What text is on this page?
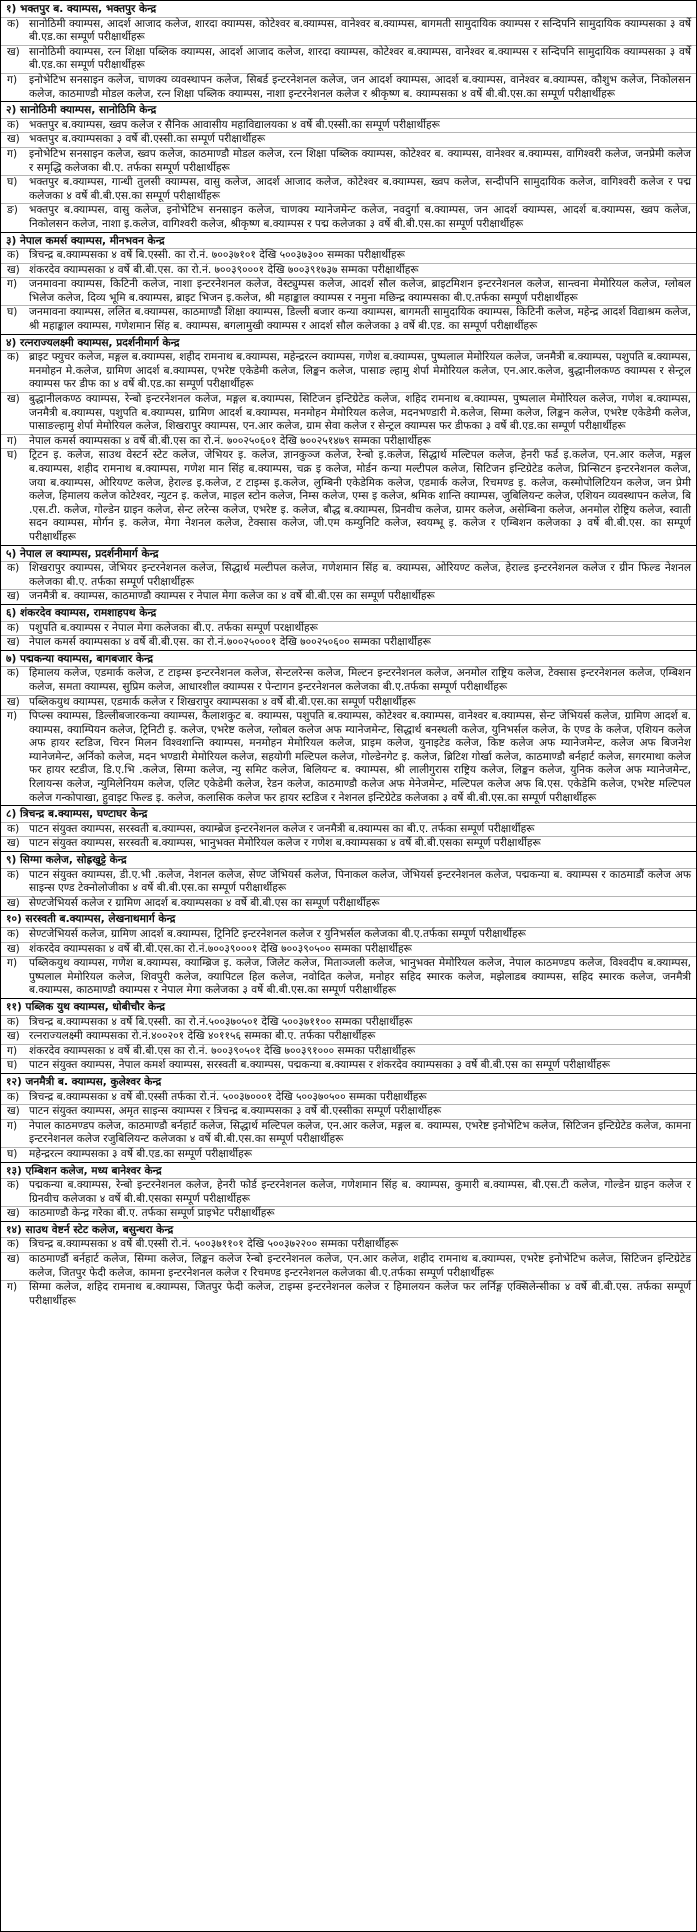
१) भक्तपुर ब. क्याम्पस, भक्तपुर केन्द्र
क) सानोठिमी क्याम्पस, आदर्श आजाद कलेज, शारदा क्याम्पस, कोटेश्वर ब.क्याम्पस, वानेश्वर ब.क्याम्पस, बागमती सामुदायिक क्याम्पस र सन्दिपनि सामुदायिक क्याम्पसका ३ वर्षे बी.एड.का सम्पूर्ण परीक्षार्थीहरू
ख) सानोठिमी क्याम्पस, रत्न शिक्षा पब्लिक क्याम्पस, आदर्श आजाद कलेज, शारदा क्याम्पस, कोटेश्वर ब.क्याम्पस, वानेश्वर ब.क्याम्पस र सन्दिपनि सामुदायिक क्याम्पसका ३ वर्षे बी.एड.का सम्पूर्ण परीक्षार्थीहरू
ग)	इनोभेटिभ सनसाइन कलेज, चाणक्य व्यवस्थापन कलेज, सिबर्ड इन्टरनेशनल कलेज, जन आदर्श क्याम्पस, आदर्श ब.क्याम्पस, वानेश्वर ब.क्याम्पस, कौशुभ कलेज, निकोलसन कलेज, काठमाण्डौ मोडल कलेज, रत्न शिक्षा पब्लिक क्याम्पस, नाशा इन्टरनेशनल कलेज र श्रीकृष्ण ब. क्याम्पसका ४ वर्षे बी.बी.एस.का सम्पूर्ण परीक्षार्थीहरू
२) सानोठिमी क्याम्पस, सानोठिमि केन्द्र
क) भक्तपुर ब.क्याम्पस, ख्वप कलेज र सैनिक आवासीय महाविद्यालयका ४ वर्षे बी.एस्सी.का सम्पूर्ण परीक्षार्थीहरू
ख) भक्तपुर ब.क्याम्पसका ३ वर्षे बी.एस्सी.का सम्पूर्ण परीक्षार्थीहरू
ग)	इनोभेटिभ सनसाइन कलेज, ख्वप कलेज, काठमाण्डौ मोडल कलेज, रत्न शिक्षा पब्लिक क्याम्पस, कोटेश्वर ब. क्याम्पस, वानेश्वर ब.क्याम्पस, वागिश्वरी कलेज, जनप्रेमी कलेज र समृद्धि कलेजका बी.ए. तर्फका सम्पूर्ण परीक्षार्थीहरू
घ)	भक्तपुर ब.क्याम्पस, गान्धी तुलसी क्याम्पस, वासु कलेज, आदर्श आजाद कलेज, कोटेश्वर ब.क्याम्पस, ख्वप कलेज, सन्दीपनि सामुदायिक कलेज, वागिश्वरी कलेज र पद्म कलेजका ४ वर्षे बी.बी.एस.का सम्पूर्ण परीक्षार्थीहरू
ङ)	भक्तपुर ब.क्याम्पस, वासु कलेज, इनोभेटिभ सनसाइन कलेज, चाणक्य म्यानेजमेन्ट कलेज, नवदुर्गा ब.क्याम्पस, जन आदर्श क्याम्पस, आदर्श ब.क्याम्पस, ख्वप कलेज, निकोलसन कलेज, नाशा इ.कलेज, वागिश्वरी कलेज, श्रीकृष्ण ब.क्याम्पस र पद्म कलेजका ३ वर्षे बी.बी.एस.का सम्पूर्ण परीक्षार्थीहरू
३) नेपाल कमर्स क्याम्पस, मीनभवन केन्द्र
क) त्रिचन्द्र ब.क्याम्पसका ४ वर्षे बि.एस्सी. का रो.नं. ७००३७१०१ देखि ५००३७३०० सम्मका परीक्षार्थीहरू
ख) शंकरदेव क्याम्पसका ४ वर्षे बी.बी.एस. का रो.नं. ७००३९०००१ देखि ७००३९१७३७ सम्मका परीक्षार्थीहरू
ग)	जनमावना क्याम्पस, किटिनी कलेज, नाशा इन्टरनेशनल कलेज, वेस्ट्युम्पस कलेज, आदर्श सौल कलेज, ब्राइटमिशन इन्टरनेशनल कलेज, सान्त्वना मेमोरियल कलेज, ग्लोबल भिलेज कलेज, दिव्य भूमि ब.क्याम्पस, ब्राइट भिजन इ.कलेज, श्री महाङ्काल क्याम्पस र नमुना मछिन्द्र क्याम्पसका बी.ए.तर्फका सम्पूर्ण परीक्षार्थीहरू
घ)	जनमावना क्याम्पस, ललित ब.क्याम्पस, काठमाण्डौ शिक्षा क्याम्पस, डिल्ली बजार कन्या क्याम्पस, बागमती सामुदायिक क्याम्पस, किटिनी कलेज, महेन्द्र आदर्श विद्याश्रम कलेज, श्री महाङ्काल क्याम्पस, गणेशमान सिंह ब. क्याम्पस, बगलामुखी क्याम्पस र आदर्श सौल कलेजका ३ वर्षे बी.एड. का सम्पूर्ण परीक्षार्थीहरू
४) रत्नराज्यलक्ष्मी क्याम्पस, प्रदर्शनीमार्ग केन्द्र
क) ब्राइट फ्युचर कलेज, मङ्गल ब.क्याम्पस, शहीद रामनाथ ब.क्याम्पस, महेन्द्ररत्न क्याम्पस, गणेश ब.क्याम्पस, पुष्पलाल मेमोरियल कलेज, जनमैत्री ब.क्याम्पस, पशुपति ब.क्याम्पस, मनमोहन मे.कलेज, ग्रामिण आदर्श ब.क्याम्पस, एभरेष्ट एकेडेमी कलेज, लिङ्कन कलेज, पासाङ ल्हामु शेर्पा मेमोरियल कलेज, एन.आर.कलेज, बुद्धानीलकण्ठ क्याम्पस र सेन्ट्रल क्याम्पस फर डीफ का ४ वर्षे बी.एड.का सम्पूर्ण परीक्षार्थीहरू
ख) बुद्धानीलकण्ठ क्याम्पस, रेन्बो इन्टरनेशनल कलेज, मङ्गल ब.क्याम्पस, सिटिजन इन्टिग्रेटेड कलेज, शहिद रामनाथ ब.क्याम्पस, पुष्पलाल मेमोरियल कलेज, गणेश ब.क्याम्पस, जनमैत्री ब.क्याम्पस, पशुपति ब.क्याम्पस, ग्रामिण आदर्श ब.क्याम्पस, मनमोहन मेमोरियल कलेज, मदनभण्डारी मे.कलेज, सिम्मा कलेज, लिङ्कन कलेज, एभरेष्ट एकेडेमी कलेज, पासाङल्हामु शेर्पा मेमोरियल कलेज, शिखरापुर क्याम्पस, एन.आर कलेज, ग्राम सेवा कलेज र सेन्ट्रल क्याम्पस फर डीफका ३ वर्षे बी.एड.का सम्पूर्ण परीक्षार्थीहरू
ग)	नेपाल कमर्स क्याम्पसका ४ वर्षे बी.बी.एस का रो.नं. ७००२५०६०१ देखि ७००२५१४७९ सम्मका परीक्षार्थीहरू
घ)	ट्रिटन इ. कलेज, साउथ वेस्टर्न स्टेट कलेज, जेभियर इ. कलेज, ज्ञानकुञ्ज कलेज, रेन्बो इ.कलेज, सिद्धार्थ मल्टिपल कलेज, हेनरी फर्ड इ.कलेज, एन.आर कलेज, मङ्गल ब.क्याम्पस, शहीद रामनाथ ब.क्याम्पस, गणेश मान सिंह ब.क्याम्पस, चक्र इ कलेज, मोर्डन कन्या मल्टीपल कलेज, सिटिजन इन्टिग्रेटेड कलेज, प्रिन्सिटन इन्टरनेशनल कलेज, जया ब.क्याम्पस, ओरियण्ट कलेज, हेराल्ड इ.कलेज, ट टाइम्स इ.कलेज, लुम्बिनी एकेडेमिक कलेज, एडमार्क कलेज, रिचमण्ड इ. कलेज, कस्मोपोलिटियन कलेज, जन प्रेमी कलेज, हिमालय कलेज कोटेश्वर, न्युटन इ. कलेज, माइल स्टोन कलेज, निम्स कलेज, एम्स इ कलेज, श्रमिक शान्ति क्याम्पस, जुबिलियन्ट कलेज, एशियन व्यवस्थापन कलेज, बि .एस.टी. कलेज, गोल्डेन ग्राइन कलेज, सेन्ट लरेन्स कलेज, एभरेष्ट इ. कलेज, बौद्ध ब.क्याम्पस, प्रिनवीच कलेज, ग्रामर कलेज, असेम्बिना कलेज, अनमोल रोष्ट्रिय कलेज, स्वाती सदन क्याम्पस, मोर्गन इ. कलेज, मेगा नेशनल कलेज, टेक्सास कलेज, जी.एम कम्युनिटि कलेज, स्वयम्भू इ. कलेज र एम्बिशन कलेजका ३ वर्षे बी.बी.एस. का सम्पूर्ण परीक्षार्थीहरू
५) नेपाल ल क्याम्पस, प्रदर्शनीमार्ग केन्द्र
क) शिखरापुर क्याम्पस, जेभियर इन्टरनेशनल कलेज, सिद्धार्थ मल्टीपल कलेज, गणेशमान सिंह ब. क्याम्पस, ओरियण्ट कलेज, हेराल्ड इन्टरनेशनल कलेज र ग्रीन फिल्ड नेशनल कलेजका बी.ए. तर्फका सम्पूर्ण परीक्षार्थीहरू
ख) जनमैत्री ब. क्याम्पस, काठमाण्डौ क्याम्पस र नेपाल मेगा कलेज का ४ वर्षे बी.बी.एस का सम्पूर्ण परीक्षार्थीहरू
६) शंकरदेव क्याम्पस, रामशाहपथ केन्द्र
क) पशुपति ब.क्याम्पस र नेपाल मेगा कलेजका बी.ए. तर्फका सम्पूर्ण परक्षार्थीहरू
ख) नेपाल कमर्स क्याम्पसका ४ वर्षे बी.बी.एस. का रो.नं.७००२५०००१ देखि ७००२५०६०० सम्मका परीक्षार्थीहरू
७) पद्मकन्या क्याम्पस, बागबजार केन्द्र
क) हिमालय कलेज, एडमार्क कलेज, ट टाइम्स इन्टरनेशनल कलेज, सेन्टलरेन्स कलेज, मिल्टन इन्टरनेशनल कलेज, अनमोल राष्ट्रिय कलेज, टेक्सास इन्टरनेशनल कलेज, एम्बिशन कलेज, समता क्याम्पस, सुप्रिम कलेज, आधारशील क्याम्पस र पेन्टागन इन्टरनेशनल कलेजका बी.ए.तर्फका सम्पूर्ण परीक्षार्थीहरू
ख) पब्लिकयुथ क्याम्पस, एडमार्क कलेज र शिखरापुर क्याम्पसका ४ वर्षे बी.बी.एस.का सम्पूर्ण परीक्षार्थीहरू
ग)	पिप्ल्स क्याम्पस, डिल्लीबजारकन्या क्याम्पस, कैलाशकुट ब. क्याम्पस, पशुपति ब.क्याम्पस, कोटेश्वर ब.क्याम्पस, वानेश्वर ब.क्याम्पस, सेन्ट जेभियर्स कलेज, ग्रामिण आदर्श ब. क्याम्पस, क्याम्पियन कलेज, ट्रिनिटी इ. कलेज, एभरेष्ट कलेज, ग्लोबल कलेज अफ म्यानेजमेन्ट, सिद्धार्थ बनस्थली कलेज, युनिभर्सल कलेज, के एण्ड के कलेज, एशियन कलेज अफ हायर स्टडिज, चिरन मिलन विश्वशान्ति क्याम्पस, मनमोहन मेमोरियल कलेज, प्राइम कलेज, युनाइटेड कलेज, किष्ट कलेज अफ म्यानेजमेन्ट, कलेज अफ बिजनेश म्यानेजमेन्ट, अर्निको कलेज, मदन भण्डारी मेमोरियल कलेज, सहयोगी मल्टिपल कलेज, गोल्डेनगेट इ. कलेज, ब्रिटिश गोर्खा कलेज, काठमाण्डौ बर्नहार्ट कलेज, सगरमाथा कलेज फर हायर स्टडीज, डि.ए.भि .कलेज, सिग्मा कलेज, न्यु समिट कलेज, बिलियन्ट ब. क्याम्पस, श्री लालीगुरास राष्ट्रिय कलेज, लिङ्कन कलेज, युनिक कलेज अफ म्यानेजमेन्ट, रिलायन्स कलेज, न्युमिलेनियम कलेज, एलिट एकेडेमी कलेज, रेडन कलेज, काठमाण्डौ कलेज अफ मेनेजमेन्ट, मल्टिपल कलेज अफ बि.एस. एकेडेमि कलेज, एभरेष्ट मल्टिपल कलेज गन्कोपाखा, हुवाइट फिल्ड इ. कलेज, कलासिक कलेज फर हायर स्टडिज र नेशनल इन्टिग्रेटेड कलेजका ३ वर्षे बी.बी.एस.का सम्पूर्ण परीक्षार्थीहरू
८) त्रिचन्द्र ब.क्याम्पस, घण्टाघर केन्द्र
क) पाटन संयुक्त क्याम्पस, सरस्वती ब.क्याम्पस, क्याम्ब्रेज इन्टरनेशनल कलेज र जनमैत्री ब.क्याम्पस का बी.ए. तर्फका सम्पूर्ण परीक्षार्थीहरू
ख) पाटन संयुक्त क्याम्पस, सरस्वती ब.क्याम्पस, भानुभक्त मेमोरियल कलेज र गणेश ब.क्याम्पसका ४ वर्षे बी.बी.एसका सम्पूर्ण परीक्षार्थीहरू
९) सिग्मा कलेज, सोह्रखुट्टे केन्द्र
क) पाटन संयुक्त क्याम्पस, डी.ए.भी .कलेज, नेशनल कलेज, सेण्ट जेभियर्स कलेज, पिनाकल कलेज, जेभियर्स इन्टरनेशनल कलेज, पद्मकन्या ब. क्याम्पस र काठमाडौं कलेज अफ साइन्स एण्ड टेक्नोलोजीका ४ वर्षे बी.बी.एस.का सम्पूर्ण परीक्षार्थीहरू
ख) सेण्टजेभियर्स कलेज र ग्रामिण आदर्श ब.क्याम्पसका ४ वर्षे बी.बी.एस का सम्पूर्ण परीक्षार्थीहरू
१०) सरस्वती ब.क्याम्पस, लेखनाथमार्ग केन्द्र
क) सेण्टजेभियर्स कलेज, ग्रामिण आदर्श ब.क्याम्पस, ट्रिनिटि इन्टरनेशनल कलेज र युनिभर्सल कलेजका बी.ए.तर्फका सम्पूर्ण परीक्षार्थीहरू
ख) शंकरदेव क्याम्पसका ४ वर्षे बी.बी.एस.का रो.नं.७००३९०००१ देखि ७००३९०५०० सम्मका परीक्षार्थीहरू
ग)	पब्लिकयुथ क्याम्पस, गणेश ब.क्याम्पस, क्याम्ब्रिज इ. कलेज, जिलेट कलेज, मिताञ्जली कलेज, भानुभक्त मेमोरियल कलेज, नेपाल काठमण्डप कलेज, विश्वदीप ब.क्याम्पस, पुष्पलाल मेमोरियल कलेज, शिवपुरी कलेज, क्यापिटल हिल कलेज, नवोदित कलेज, मनोहर सहिद स्मारक कलेज, मझेलाडब क्याम्पस, सहिद स्मारक कलेज, जनमैत्री ब.क्याम्पस, काठमाण्डौ क्याम्पस र नेपाल मेगा कलेजका ३ वर्षे बी.बी.एस.का सम्पूर्ण परीक्षार्थीहरू
११) पब्लिक युथ क्याम्पस, धोबीचौर केन्द्र
क) त्रिचन्द्र ब.क्याम्पसका ४ वर्षे बि.एस्सी. का रो.नं.५००३७०५०१ देखि ५००३७११०० सम्मका परीक्षार्थीहरू
ख) रत्नराज्यलक्ष्मी क्याम्पसका रो.नं.४००२०१ देखि ४०११५६ सम्मका बी.ए. तर्फका परीक्षार्थीहरू
ग)	शंकरदेव क्याम्पसका ४ वर्षे बी.बी.एस का रो.नं. ७००३९०५०१ देखि ७००३९१००० सम्मका परीक्षार्थीहरू
घ)	पाटन संयुक्त क्याम्पस, नेपाल कमर्श क्याम्पस, सरस्वती ब.क्याम्पस, पद्मकन्या ब.क्याम्पस र शंकरदेव क्याम्पसका ३ वर्षे बी.बी.एस का सम्पूर्ण परीक्षार्थीहरू
१२) जनमैत्री ब. क्याम्पस, कुलेश्वर केन्द्र
क) त्रिचन्द्र ब.क्याम्पसका ४ वर्षे बी.एस्सी तर्फका रो.नं. ५००३७०००१ देखि ५००३७०५०० सम्मका परीक्षार्थीहरू
ख) पाटन संयुक्त क्याम्पस, अमृत साइन्स क्याम्पस र त्रिचन्द्र ब.क्याम्पसका ३ वर्षे बी.एस्सीका सम्पूर्ण परीक्षार्थीहरू
ग)	नेपाल काठमण्डप कलेज, काठमाण्डौ बर्नहार्ट कलेज, सिद्धार्थ मल्टिपल कलेज, एन.आर कलेज, मङ्गल ब. क्याम्पस, एभरेष्ट इनोभेटिभ कलेज, सिटिजन इन्टिग्रेटेड कलेज, कामना इन्टरनेशनल कलेज रजुबिलियन्ट कलेजका ४ वर्षे बी.बी.एस.का सम्पूर्ण परीक्षार्थीहरू
घ)	महेन्द्ररत्न क्याम्पसका ३ वर्षे बी.एड.का सम्पूर्ण परीक्षार्थीहरू
१३) एम्बिशन कलेज, मध्य बानेश्वर केन्द्र
क) पद्मकन्या ब.क्याम्पस, रेन्बो इन्टरनेशनल कलेज, हेनरी फोर्ड इन्टरनेशनल कलेज, गणेशमान सिंह ब. क्याम्पस, कुमारी ब.क्याम्पस, बी.एस.टी कलेज, गोल्डेन ग्राइन कलेज र ग्रिनवीच कलेजका ४ वर्षे बी.बी.एसका सम्पूर्ण परीक्षार्थीहरू
ख) काठमाण्डौ केन्द्र गरेका बी.ए. तर्फका सम्पूर्ण प्राइभेट परीक्षार्थीहरू
१४) साउथ वेष्टर्न स्टेट कलेज, बसुन्धरा केन्द्र
क) त्रिचन्द्र ब.क्याम्पसका ४ वर्षे बी.एस्सी रो.नं. ५००३७११०१ देखि ५००३७२२०० सम्मका परीक्षार्थीहरू
ख) काठमाण्डौं बर्नहार्ट कलेज, सिग्मा कलेज, लिङ्कन कलेज रेन्बो इन्टरनेशनल कलेज, एन.आर कलेज, शहीद रामनाथ ब.क्याम्पस, एभरेष्ट इनोभेटिभ कलेज, सिटिजन इन्टिग्रेटेड कलेज, जितपुर फेदी कलेज, कामना इन्टरनेशनल कलेज र रिचमण्ड इन्टरनेशनल कलेजका बी.ए.तर्फका सम्पूर्ण परीक्षार्थीहरू
ग)	सिग्मा कलेज, शहिद रामनाथ ब.क्याम्पस, जितपुर फेदी कलेज, टाइम्स इन्टरनेशनल कलेज र हिमालयन कलेज फर लर्निङ्ग एक्सिलेन्सीका ४ वर्षे बी.बी.एस. तर्फका सम्पूर्ण परीक्षार्थीहरू
